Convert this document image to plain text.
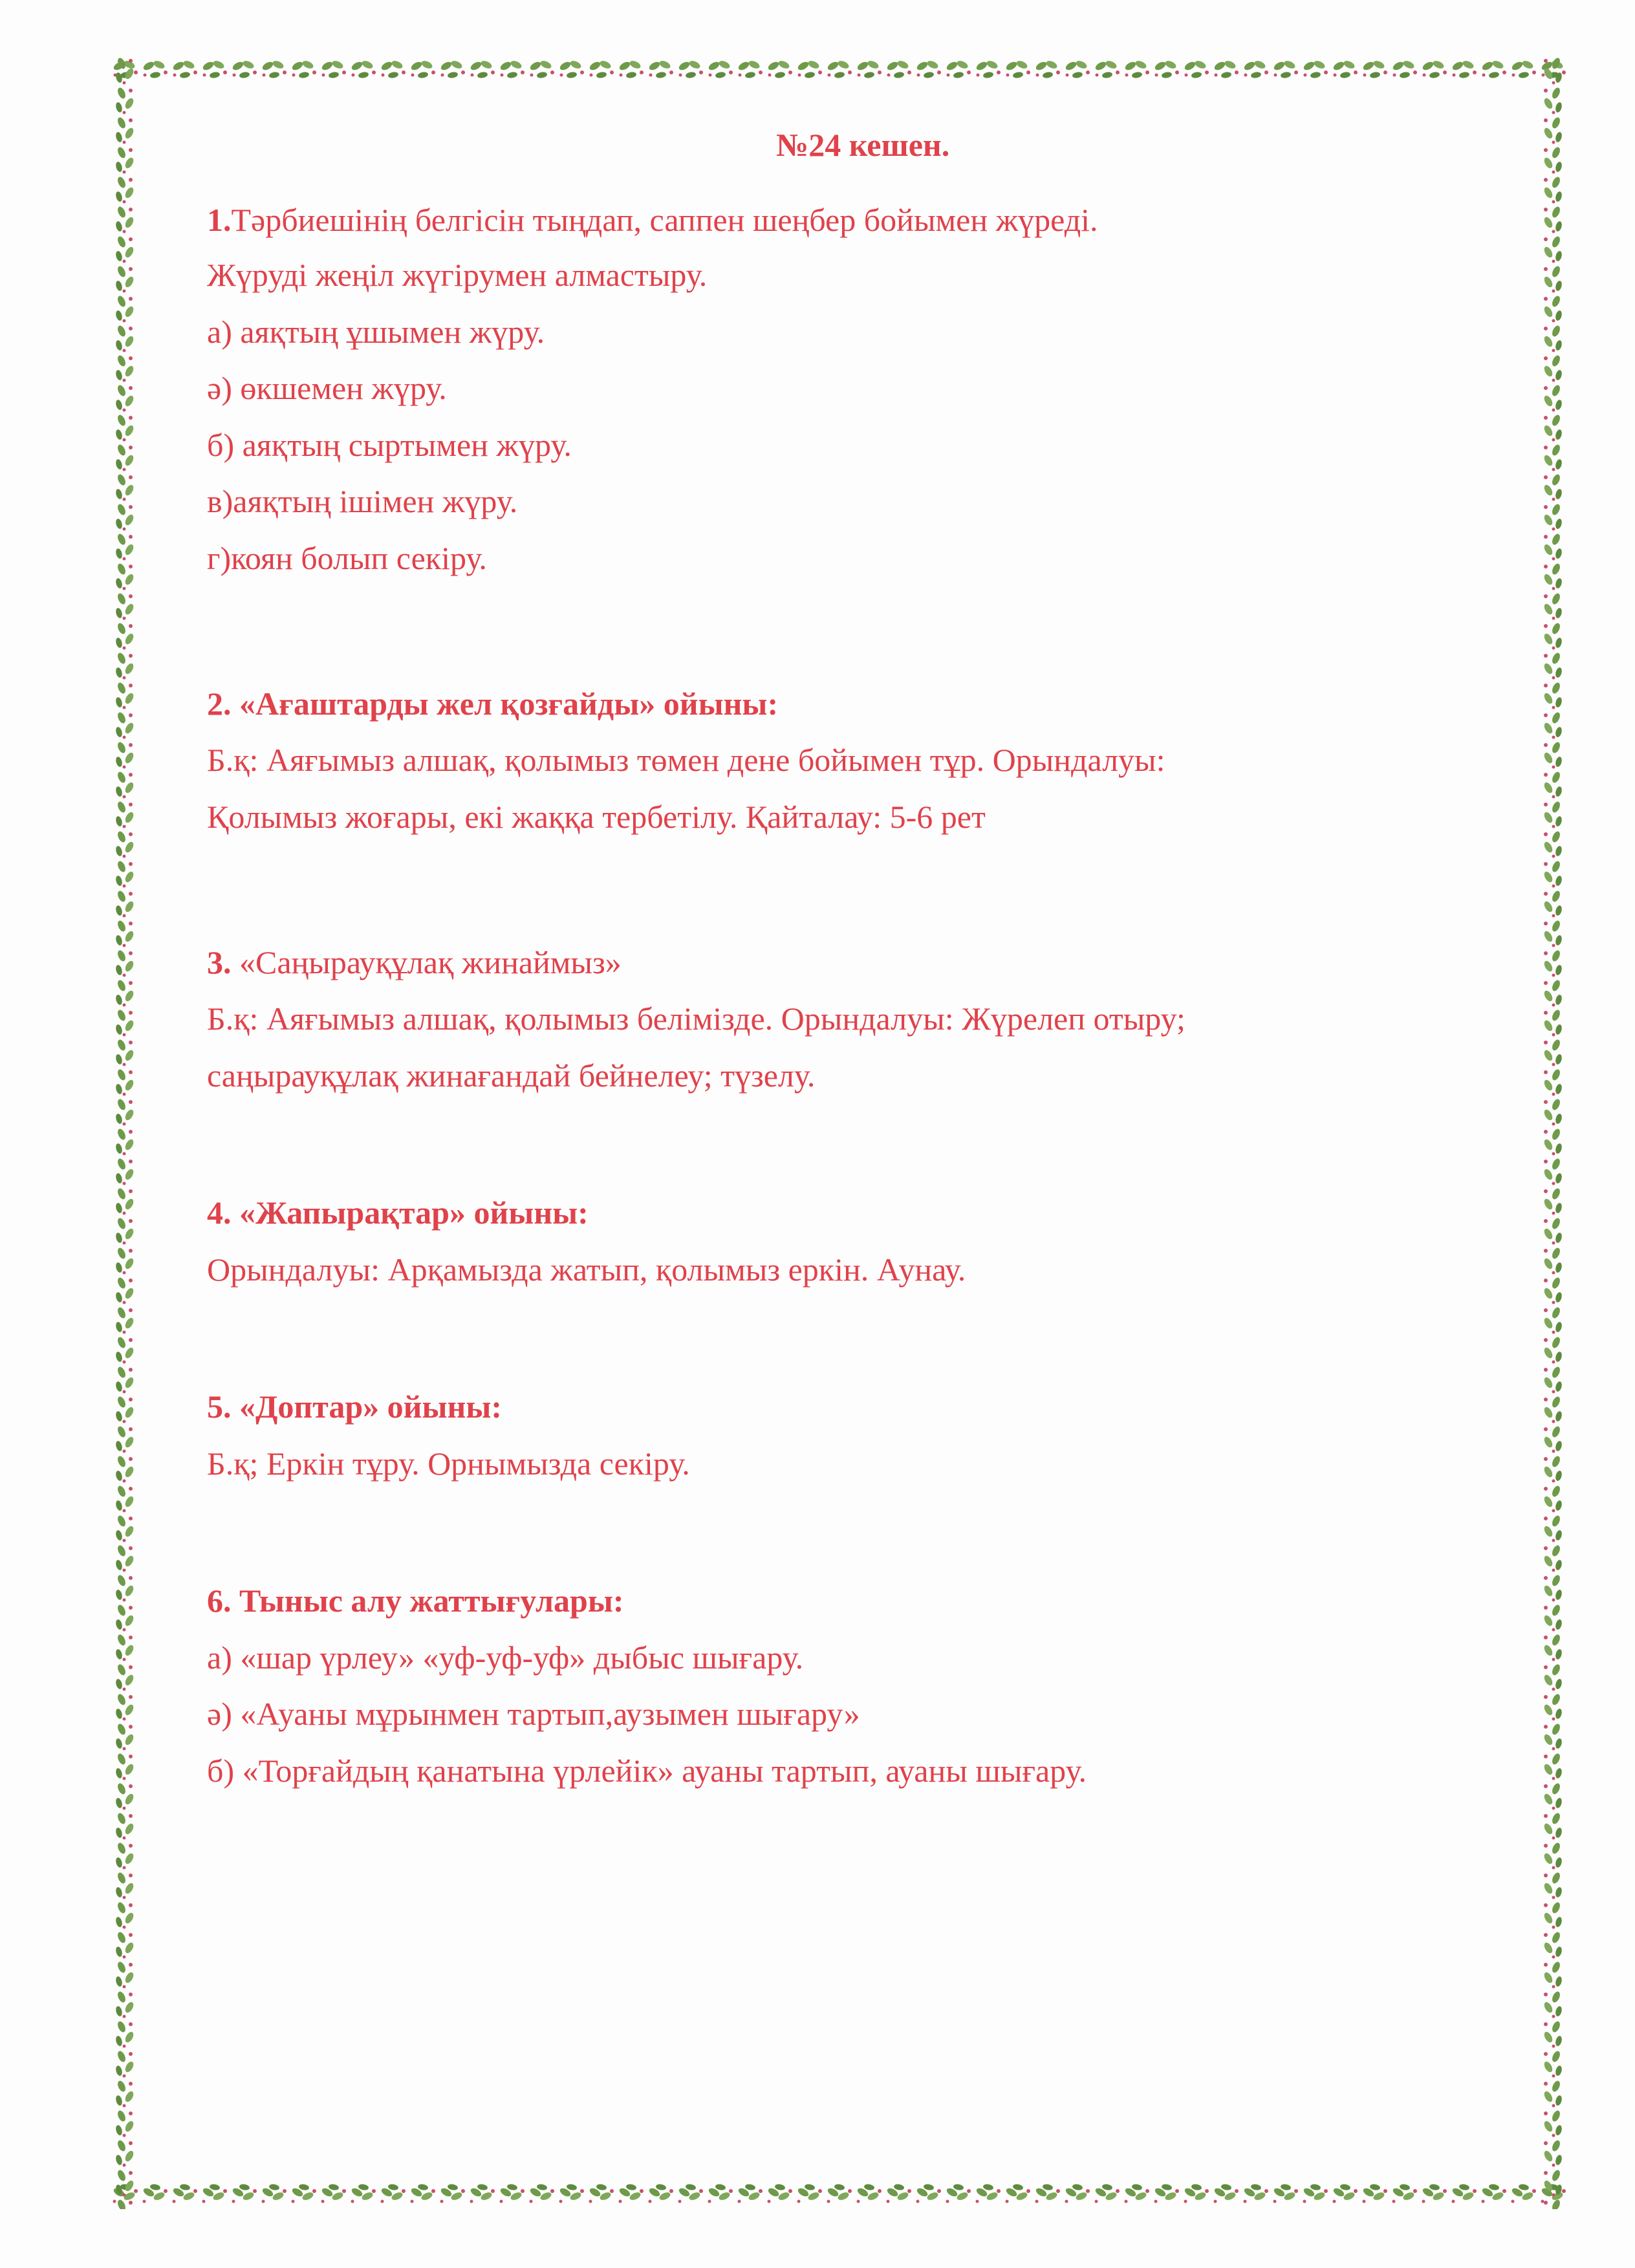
№24 кешен.
1.Тәрбиешінің белгісін тыңдап, саппен шеңбер бойымен жүреді.
Жүруді жеңіл жүгірумен алмастыру.
а) аяқтың ұшымен жүру.
ә) өкшемен жүру.
б) аяқтың сыртымен жүру.
в)аяқтың ішімен жүру.
г)коян болып секіру.
2. «Ағаштарды жел қозғайды» ойыны:
Б.қ: Аяғымыз алшақ, қолымыз төмен дене бойымен тұр. Орындалуы:
Қолымыз жоғары, екі жаққа тербетілу. Қайталау: 5-6 рет
3. «Саңырауқұлақ жинаймыз»
Б.қ: Аяғымыз алшақ, қолымыз белімізде. Орындалуы: Жүрелеп отыру;
саңырауқұлақ жинағандай бейнелеу; түзелу.
4. «Жапырақтар» ойыны:
Орындалуы: Арқамызда жатып, қолымыз еркін. Аунау.
5. «Доптар» ойыны:
Б.қ; Еркін тұру. Орнымызда секіру.
6. Тыныс алу жаттығулары:
а) «шар үрлеу» «уф-уф-уф» дыбыс шығару.
ә) «Ауаны мұрынмен тартып,аузымен шығару»
б) «Торғайдың қанатына үрлейік» ауаны тартып, ауаны шығару.
